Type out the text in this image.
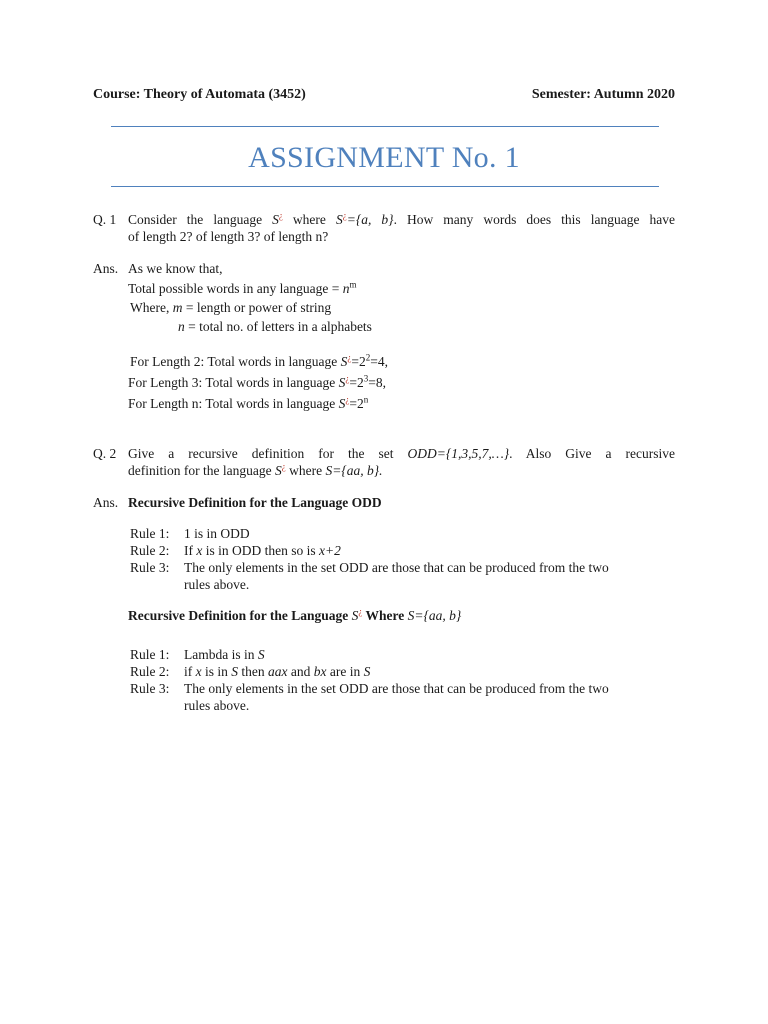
Course: Theory of Automata (3452)	Semester: Autumn 2020
ASSIGNMENT No. 1
Q. 1 Consider the language S¿ where S¿={a, b}. How many words does this language have
of length 2? of length 3? of length n?
Ans. As we know that,
Total possible words in any language = $n^m$
Where, m = length or power of string
n = total no. of letters in a alphabets
For Length 2: Total words in language $S^¿=2^2=4$,
For Length 3: Total words in language $S^¿=2^3=8$,
For Length n: Total words in language $S^¿=2^n$
Q. 2 Give a recursive definition for the set ODD={1,3,5,7,…}. Also Give a recursive
definition for the language S¿ where S={aa, b}.
Ans. Recursive Definition for the Language ODD
Rule 1: 1 is in ODD
Rule 2: If x is in ODD then so is x+2
Rule 3: The only elements in the set ODD are those that can be produced from the two
rules above.
Recursive Definition for the Language S¿ Where S={aa, b}
Rule 1: Lambda is in S
Rule 2: if x is in S then aax and bx are in S
Rule 3: The only elements in the set ODD are those that can be produced from the two
rules above.
